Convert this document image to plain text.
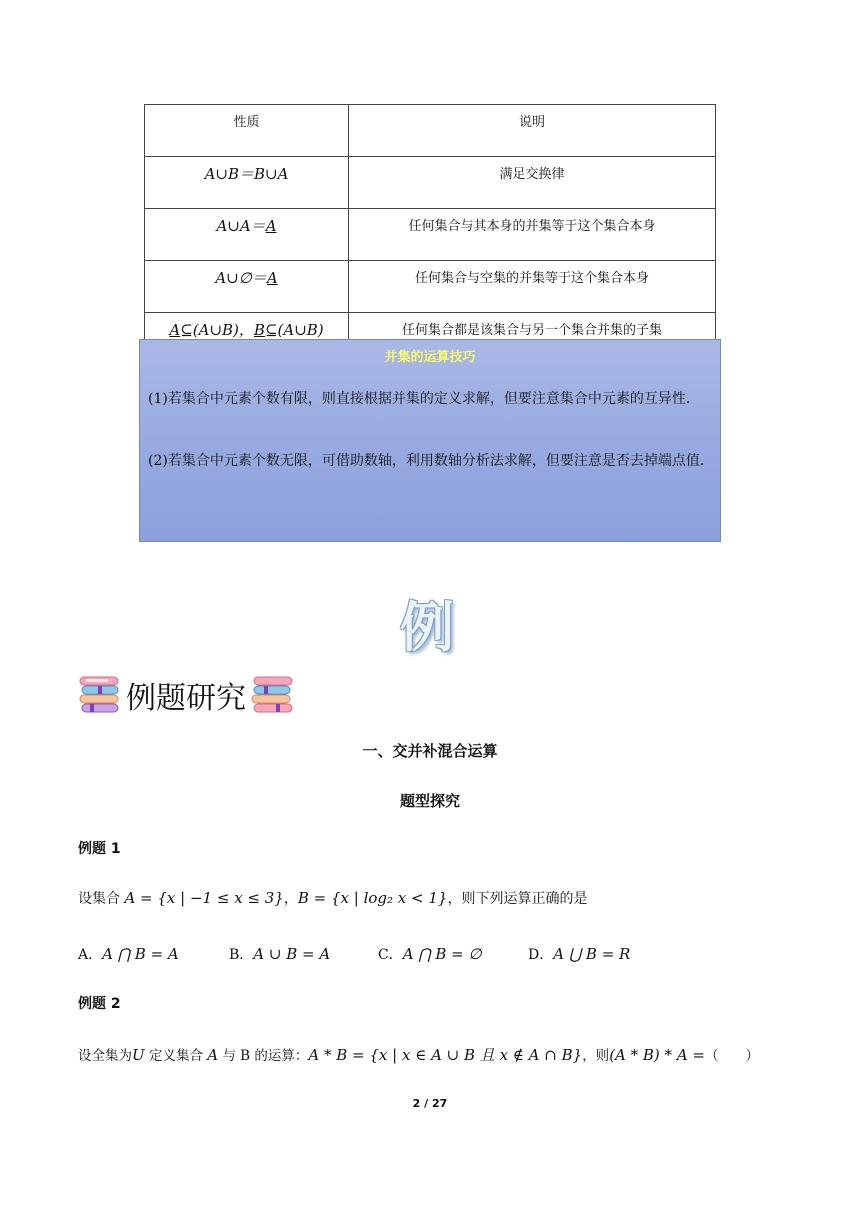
性质	说明
A∪B＝B∪A	满足交换律
A∪A＝A	任何集合与其本身的并集等于这个集合本身
A∪∅＝A	任何集合与空集的并集等于这个集合本身
A⊆(A∪B)，B⊆(A∪B)	任何集合都是该集合与另一个集合并集的子集
并集的运算技巧

(1)若集合中元素个数有限，则直接根据并集的定义求解，但要注意集合中元素的互异性．

(2)若集合中元素个数无限，可借助数轴，利用数轴分析法求解，但要注意是否去掉端点值．

例
例题研究
一、交并补混合运算
题型探究
例题 1
设集合 A = {x | −1 ≤ x ≤ 3}，B = {x | log₂ x < 1}，则下列运算正确的是
A．A ⋂ B = A	B．A ∪ B = A	C．A ⋂ B = ∅	D．A ⋃ B = R
例题 2
设全集为U 定义集合 A 与 B 的运算：A * B = {x | x ∈ A ∪ B 且 x ∉ A ∩ B}，则(A * B) * A =（　　）
2 / 27
